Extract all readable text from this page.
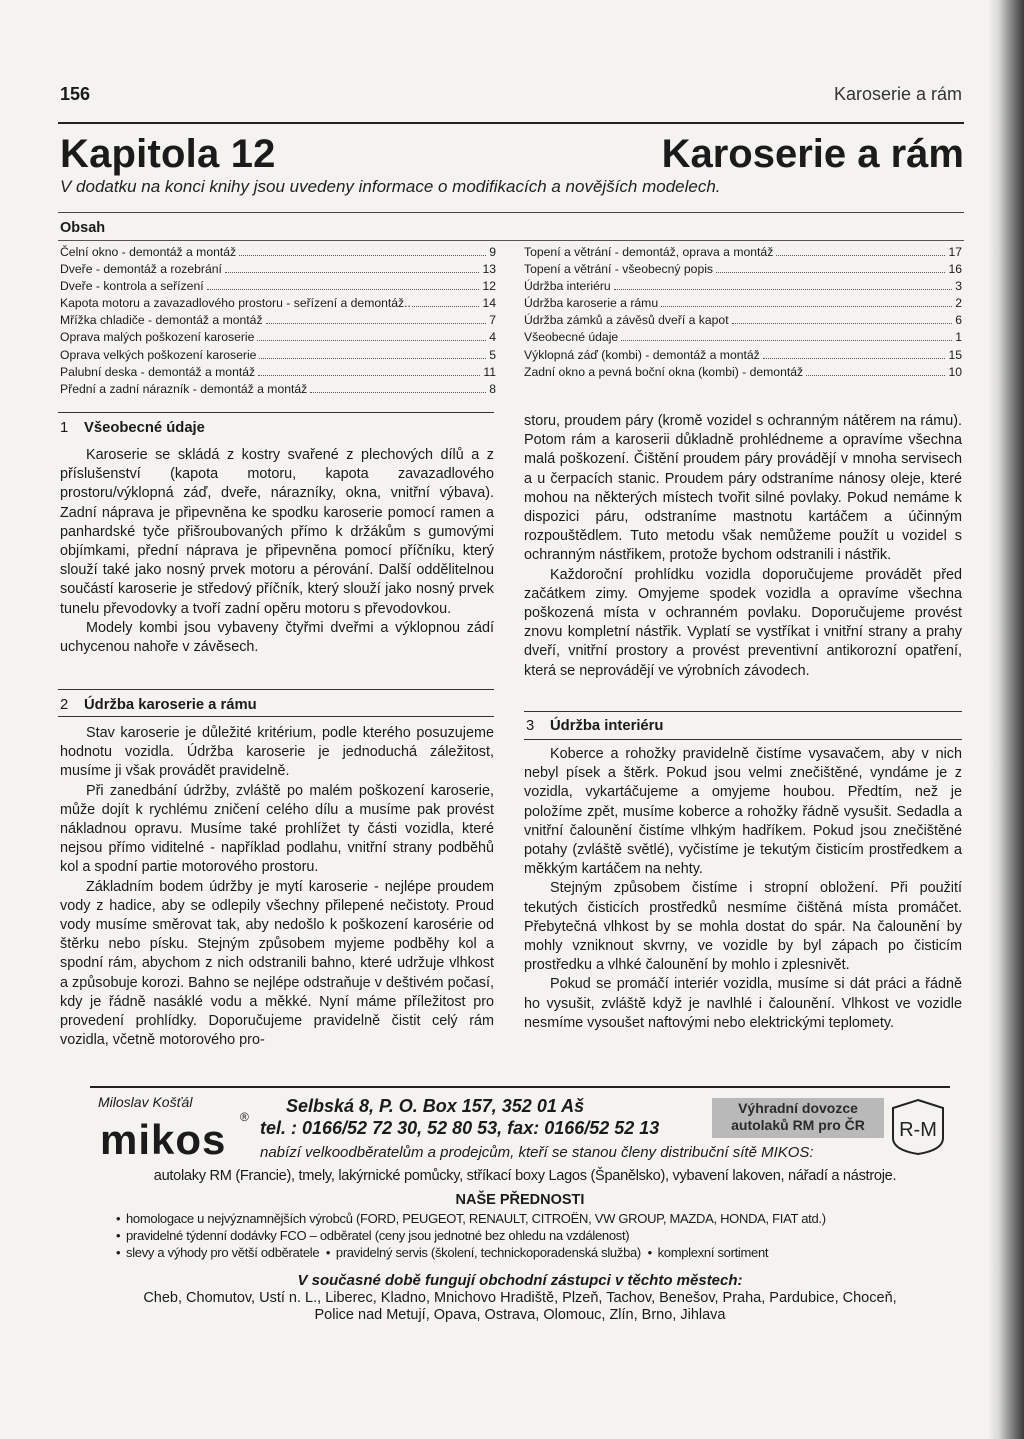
156	Karoserie a rám
Kapitola 12	Karoserie a rám
V dodatku na konci knihy jsou uvedeny informace o modifikacích a novějších modelech.
Obsah
Čelní okno - demontáž a montáž	9
Dveře - demontáž a rozebrání	13
Dveře - kontrola a seřízení	12
Kapota motoru a zavazadlového prostoru - seřízení a demontáž..	14
Mřížka chladiče - demontáž a montáž	7
Oprava malých poškození karoserie	4
Oprava velkých poškození karoserie	5
Palubní deska - demontáž a montáž	11
Přední a zadní nárazník - demontáž a montáž	8
Topení a větrání - demontáž, oprava a montáž	17
Topení a větrání - všeobecný popis	16
Údržba interiéru	3
Údržba karoserie a rámu	2
Údržba zámků a závěsů dveří a kapot	6
Všeobecné údaje	1
Výklopná záď (kombi) - demontáž a montáž	15
Zadní okno a pevná boční okna (kombi) - demontáž	10
1 Všeobecné údaje

Karoserie se skládá z kostry svařené z plechových dílů a z příslušenství (kapota motoru, kapota zavazadlového prostoru/výklopná záď, dveře, nárazníky, okna, vnitřní výbava). Zadní náprava je připevněna ke spodku karoserie pomocí ramen a panhardské tyče přišroubovaných přímo k držákům s gumovými objímkami, přední náprava je připevněna pomocí příčníku, který slouží také jako nosný prvek motoru a pérování. Další oddělitelnou součástí karoserie je středový příčník, který slouží jako nosný prvek tunelu převodovky a tvoří zadní opěru motoru s převodovkou.

Modely kombi jsou vybaveny čtyřmi dveřmi a výklopnou zádí uchycenou nahoře v závěsech.

2 Údržba karoserie a rámu

Stav karoserie je důležité kritérium, podle kterého posuzujeme hodnotu vozidla. Údržba karoserie je jednoduchá záležitost, musíme ji však provádět pravidelně.

Při zanedbání údržby, zvláště po malém poškození karoserie, může dojít k rychlému zničení celého dílu a musíme pak provést nákladnou opravu. Musíme také prohlížet ty části vozidla, které nejsou přímo viditelné - například podlahu, vnitřní strany podběhů kol a spodní partie motorového prostoru.

Základním bodem údržby je mytí karoserie - nejlépe proudem vody z hadice, aby se odlepily všechny přilepené nečistoty. Proud vody musíme směrovat tak, aby nedošlo k poškození karosérie od štěrku nebo písku. Stejným způsobem myjeme podběhy kol a spodní rám, abychom z nich odstranili bahno, které udržuje vlhkost a způsobuje korozi. Bahno se nejlépe odstraňuje v deštivém počasí, kdy je řádně nasáklé vodu a měkké. Nyní máme příležitost pro provedení prohlídky. Doporučujeme pravidelně čistit celý rám vozidla, včetně motorového pro-

storu, proudem páry (kromě vozidel s ochranným nátěrem na rámu). Potom rám a karoserii důkladně prohlédneme a opravíme všechna malá poškození. Čištění proudem páry provádějí v mnoha servisech a u čerpacích stanic. Proudem páry odstraníme nánosy oleje, které mohou na některých místech tvořit silné povlaky. Pokud nemáme k dispozici páru, odstraníme mastnotu kartáčem a účinným rozpouštědlem. Tuto metodu však nemůžeme použít u vozidel s ochranným nástřikem, protože bychom odstranili i nástřik.

Každoroční prohlídku vozidla doporučujeme provádět před začátkem zimy. Omyjeme spodek vozidla a opravíme všechna poškozená místa v ochranném povlaku. Doporučujeme provést znovu kompletní nástřik. Vyplatí se vystříkat i vnitřní strany a prahy dveří, vnitřní prostory a provést preventivní antikorozní opatření, která se neprovádějí ve výrobních závodech.

3 Údržba interiéru

Koberce a rohožky pravidelně čistíme vysavačem, aby v nich nebyl písek a štěrk. Pokud jsou velmi znečištěné, vyndáme je z vozidla, vykartáčujeme a omyjeme houbou. Předtím, než je položíme zpět, musíme koberce a rohožky řádně vysušit. Sedadla a vnitřní čalounění čistíme vlhkým hadříkem. Pokud jsou znečištěné potahy (zvláště světlé), vyčistíme je tekutým čisticím prostředkem a měkkým kartáčem na nehty.

Stejným způsobem čistíme i stropní obložení. Při použití tekutých čisticích prostředků nesmíme čištěná místa promáčet. Přebytečná vlhkost by se mohla dostat do spár. Na čalounění by mohly vzniknout skvrny, ve vozidle by byl zápach po čisticím prostředku a vlhké čalounění by mohlo i zplesnivět.

Pokud se promáčí interiér vozidla, musíme si dát práci a řádně ho vysušit, zvláště když je navlhlé i čalounění. Vlhkost ve vozidle nesmíme vysoušet naftovými nebo elektrickými teplomety.

Miloslav Košťál
mikos ®
Selbská 8, P. O. Box 157, 352 01 Aš
tel. : 0166/52 72 30, 52 80 53, fax: 0166/52 52 13
Výhradní dovozce
autolaků RM pro ČR	R-M
nabízí velkoodběratelům a prodejcům, kteří se stanou členy distribuční sítě MIKOS:
autolaky RM (Francie), tmely, lakýrnické pomůcky, stříkací boxy Lagos (Španělsko), vybavení lakoven, nářadí a nástroje.
NAŠE PŘEDNOSTI
• homologace u nejvýznamnějších výrobců (FORD, PEUGEOT, RENAULT, CITROËN, VW GROUP, MAZDA, HONDA, FIAT atd.)
• pravidelné týdenní dodávky FCO – odběratel (ceny jsou jednotné bez ohledu na vzdálenost)
• slevy a výhody pro větší odběratele • pravidelný servis (školení, technickoporadenská služba) • komplexní sortiment
V současné době fungují obchodní zástupci v těchto městech:
Cheb, Chomutov, Ustí n. L., Liberec, Kladno, Mnichovo Hradiště, Plzeň, Tachov, Benešov, Praha, Pardubice, Choceň,
Police nad Metují, Opava, Ostrava, Olomouc, Zlín, Brno, Jihlava
